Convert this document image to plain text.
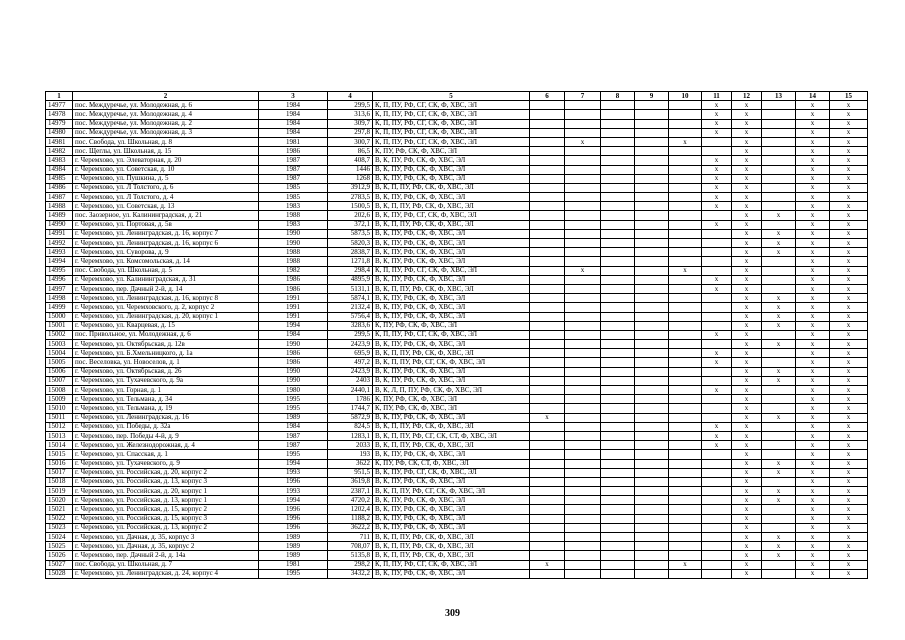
1	2	3	4	5	6	7	8	9	10	11	12	13	14	15
14977	пос. Междуречье, ул. Молодежная, д. 6	1984	299,5	К, П, ПУ, РФ, СГ, СК, Ф, ХВС, ЭЛ						х	х		х	х
14978	пос. Междуречье, ул. Молодежная, д. 4	1984	313,6	К, П, ПУ, РФ, СГ, СК, Ф, ХВС, ЭЛ						х	х		х	х
14979	пос. Междуречье, ул. Молодежная, д. 2	1984	309,7	К, П, ПУ, РФ, СГ, СК, Ф, ХВС, ЭЛ						х	х		х	х
14980	пос. Междуречье, ул. Молодежная, д. 3	1984	297,8	К, П, ПУ, РФ, СГ, СК, Ф, ХВС, ЭЛ						х	х		х	х
14981	пос. Свобода, ул. Школьная, д. 8	1981	300,7	К, П, ПУ, РФ, СГ, СК, Ф, ХВС, ЭЛ		х			х		х		х	х
14982	пос. Щеглы, ул. Школьная, д. 15	1986	86,5	К, ПУ, РФ, СК, Ф, ХВС, ЭЛ							х		х	х
14983	г. Черемхово, ул. Элеваторная, д. 20	1987	408,7	В, К, ПУ, РФ, СК, Ф, ХВС, ЭЛ						х	х		х	х
14984	г. Черемхово, ул. Советская, д. 10	1987	1446	В, К, ПУ, РФ, СК, Ф, ХВС, ЭЛ						х	х		х	х
14985	г. Черемхово, ул. Пушкина, д. 5	1987	1268	В, К, ПУ, РФ, СК, Ф, ХВС, ЭЛ						х	х		х	х
14986	г. Черемхово, ул. Л Толстого, д. 6	1985	3912,9	В, К, П, ПУ, РФ, СК, Ф, ХВС, ЭЛ						х	х		х	х
14987	г. Черемхово, ул. Л Толстого, д. 4	1985	2783,5	В, К, ПУ, РФ, СК, Ф, ХВС, ЭЛ						х	х		х	х
14988	г. Черемхово, ул. Советская, д. 13	1983	1500,5	В, К, П, ПУ, РФ, СК, Ф, ХВС, ЭЛ						х	х		х	х
14989	пос. Заозерное, ул. Калининградская, д. 21	1988	202,6	В, К, ПУ, РФ, СГ, СК, Ф, ХВС, ЭЛ							х	х	х	х
14990	г. Черемхово, ул. Портовая, д. 5в	1983	372,1	В, К, П, ПУ, РФ, СК, Ф, ХВС, ЭЛ						х	х		х	х
14991	г. Черемхово, ул. Ленинградская, д. 16, корпус 7	1990	5873,5	В, К, ПУ, РФ, СК, Ф, ХВС, ЭЛ							х	х	х	х
14992	г. Черемхово, ул. Ленинградская, д. 16, корпус 6	1990	5820,3	В, К, ПУ, РФ, СК, Ф, ХВС, ЭЛ							х	х	х	х
14993	г. Черемхово, ул. Суворова, д. 9	1988	2838,7	В, К, ПУ, РФ, СК, Ф, ХВС, ЭЛ							х	х	х	х
14994	г. Черемхово, ул. Комсомольская, д. 14	1988	1271,8	В, К, ПУ, РФ, СК, Ф, ХВС, ЭЛ							х		х	х
14995	пос. Свобода, ул. Школьная, д. 5	1982	298,4	К, П, ПУ, РФ, СГ, СК, Ф, ХВС, ЭЛ		х			х		х		х	х
14996	г. Черемхово, ул. Калининградская, д. 31	1986	4895,9	В, К, ПУ, РФ, СК, Ф, ХВС, ЭЛ						х	х		х	х
14997	г. Черемхово, пер. Дачный 2-й, д. 14	1986	5131,1	В, К, П, ПУ, РФ, СК, Ф, ХВС, ЭЛ						х	х		х	х
14998	г. Черемхово, ул. Ленинградская, д. 16, корпус 8	1991	5874,1	В, К, ПУ, РФ, СК, Ф, ХВС, ЭЛ							х	х	х	х
14999	г. Черемхово, ул. Черемховского, д. 2, корпус 2	1991	2132,4	В, К, ПУ, РФ, СК, Ф, ХВС, ЭЛ							х	х	х	х
15000	г. Черемхово, ул. Ленинградская, д. 20, корпус 1	1991	5756,4	В, К, ПУ, РФ, СК, Ф, ХВС, ЭЛ							х	х	х	х
15001	г. Черемхово, ул. Кварцевая, д. 15	1994	3283,6	К, ПУ, РФ, СК, Ф, ХВС, ЭЛ							х	х	х	х
15002	пос. Привольное, ул. Молодежная, д. 6	1984	299,5	К, П, ПУ, РФ, СГ, СК, Ф, ХВС, ЭЛ						х	х		х	х
15003	г. Черемхово, ул. Октябрьская, д. 12в	1990	2423,9	В, К, ПУ, РФ, СК, Ф, ХВС, ЭЛ							х	х	х	х
15004	г. Черемхово, ул. Б.Хмельницкого, д. 1а	1986	695,9	В, К, П, ПУ, РФ, СК, Ф, ХВС, ЭЛ						х	х		х	х
15005	пос. Веселовка, ул. Новоселов, д. 1	1986	497,2	В, К, П, ПУ, РФ, СГ, СК, Ф, ХВС, ЭЛ						х	х		х	х
15006	г. Черемхово, ул. Октябрьская, д. 26	1990	2423,9	В, К, ПУ, РФ, СК, Ф, ХВС, ЭЛ							х	х	х	х
15007	г. Черемхово, ул. Тухачевского, д. 9а	1990	2403	В, К, ПУ, РФ, СК, Ф, ХВС, ЭЛ							х	х	х	х
15008	г. Черемхово, ул. Горная, д. 1	1980	2440,1	В, К, Л, П, ПУ, РФ, СК, Ф, ХВС, ЭЛ						х	х		х	х
15009	г. Черемхово, ул. Тельмана, д. 34	1995	1786	К, ПУ, РФ, СК, Ф, ХВС, ЭЛ							х		х	х
15010	г. Черемхово, ул. Тельмана, д. 19	1995	1744,7	К, ПУ, РФ, СК, Ф, ХВС, ЭЛ							х		х	х
15011	г. Черемхово, ул. Ленинградская, д. 16	1989	5872,9	В, К, ПУ, РФ, СК, Ф, ХВС, ЭЛ	х						х	х	х	х
15012	г. Черемхово, ул. Победы, д. 32а	1984	824,5	В, К, П, ПУ, РФ, СК, Ф, ХВС, ЭЛ						х	х		х	х
15013	г. Черемхово, пер. Победы 4-й, д. 9	1987	1283,1	В, К, П, ПУ, РФ, СГ, СК, СТ, Ф, ХВС, ЭЛ						х	х		х	х
15014	г. Черемхово, ул. Железнодорожная, д. 4	1987	2033	В, К, П, ПУ, РФ, СК, Ф, ХВС, ЭЛ						х	х		х	х
15015	г. Черемхово, ул. Спасская, д. 1	1995	193	В, К, ПУ, РФ, СК, Ф, ХВС, ЭЛ							х		х	х
15016	г. Черемхово, ул. Тухачевского, д. 9	1994	3622	К, ПУ, РФ, СК, СТ, Ф, ХВС, ЭЛ							х	х	х	х
15017	г. Черемхово, ул. Российская, д. 20, корпус 2	1993	951,5	В, К, ПУ, РФ, СГ, СК, Ф, ХВС, ЭЛ							х	х	х	х
15018	г. Черемхово, ул. Российская, д. 13, корпус 3	1996	3619,8	В, К, ПУ, РФ, СК, Ф, ХВС, ЭЛ							х		х	х
15019	г. Черемхово, ул. Российская, д. 20, корпус 1	1993	2387,1	В, К, П, ПУ, РФ, СГ, СК, Ф, ХВС, ЭЛ							х	х	х	х
15020	г. Черемхово, ул. Российская, д. 13, корпус 1	1994	4720,2	В, К, ПУ, РФ, СК, Ф, ХВС, ЭЛ							х	х	х	х
15021	г. Черемхово, ул. Российская, д. 15, корпус 2	1996	1202,4	В, К, ПУ, РФ, СК, Ф, ХВС, ЭЛ							х		х	х
15022	г. Черемхово, ул. Российская, д. 15, корпус 3	1996	1188,2	В, К, ПУ, РФ, СК, Ф, ХВС, ЭЛ							х		х	х
15023	г. Черемхово, ул. Российская, д. 13, корпус 2	1996	3622,2	В, К, ПУ, РФ, СК, Ф, ХВС, ЭЛ							х		х	х
15024	г. Черемхово, ул. Дачная, д. 35, корпус 3	1989	711	В, К, П, ПУ, РФ, СК, Ф, ХВС, ЭЛ							х	х	х	х
15025	г. Черемхово, ул. Дачная, д. 35, корпус 2	1989	708,07	В, К, П, ПУ, РФ, СК, Ф, ХВС, ЭЛ							х	х	х	х
15026	г. Черемхово, пер. Дачный 2-й, д. 14а	1989	5135,8	В, К, П, ПУ, РФ, СК, Ф, ХВС, ЭЛ							х	х	х	х
15027	пос. Свобода, ул. Школьная, д. 7	1981	298,2	К, П, ПУ, РФ, СГ, СК, Ф, ХВС, ЭЛ	х				х		х		х	х
15028	г. Черемхово, ул. Ленинградская, д. 24, корпус 4	1995	3432,2	В, К, ПУ, РФ, СК, Ф, ХВС, ЭЛ							х		х	х
309
